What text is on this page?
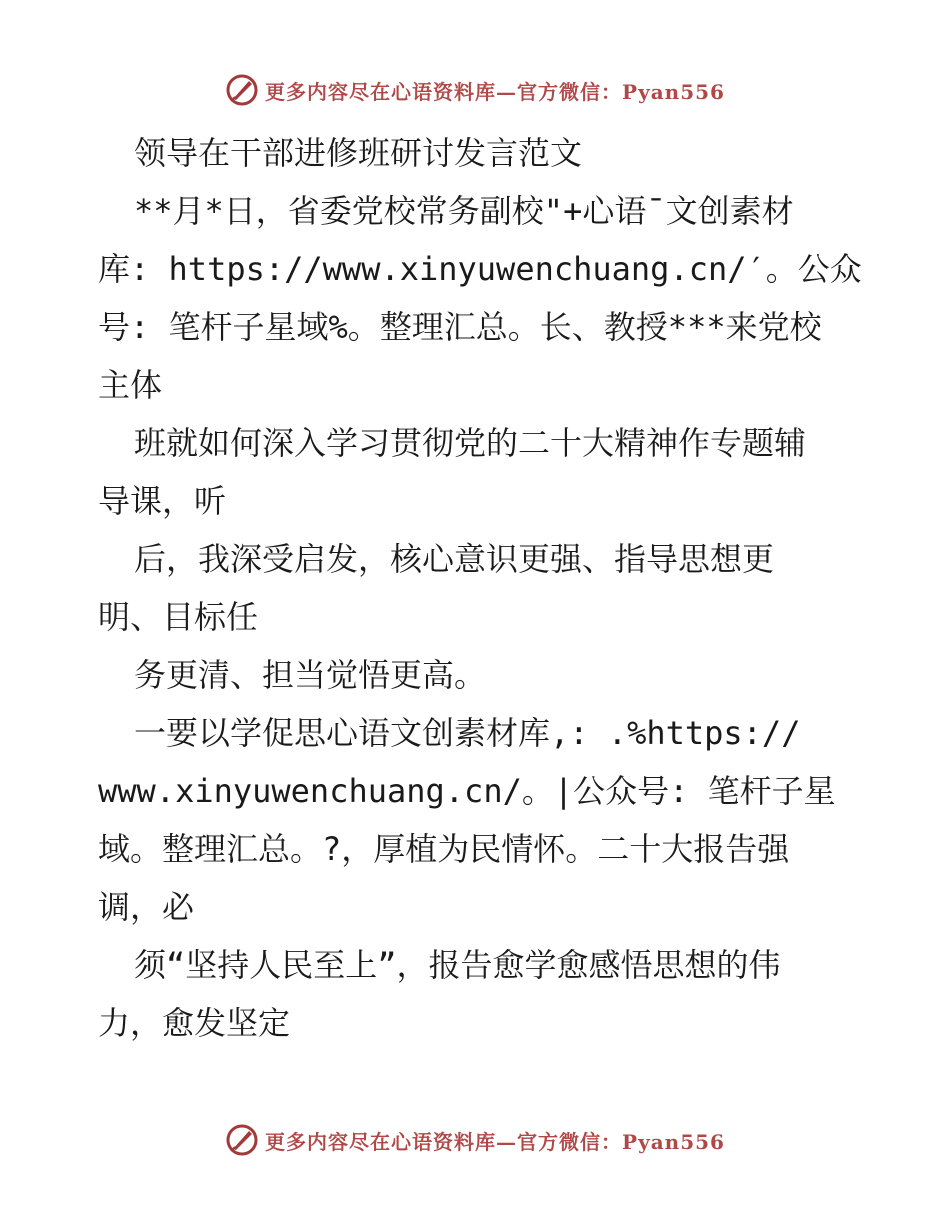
更多内容尽在心语资料库—官方微信：Pyan556
领导在干部进修班研讨发言范文
**月*日，省委党校常务副校"+心语¯文创素材
库: https://www.xinyuwenchuang.cn/′。公众
号: 笔杆子星域%。整理汇总。长、教授***来党校
主体
班就如何深入学习贯彻党的二十大精神作专题辅
导课，听
后，我深受启发，核心意识更强、指导思想更
明、目标任
务更清、担当觉悟更高。
一要以学促思心语文创素材库,: .%https://
www.xinyuwenchuang.cn/。|公众号: 笔杆子星
域。整理汇总。?，厚植为民情怀。二十大报告强
调，必
须“坚持人民至上”，报告愈学愈感悟思想的伟
力，愈发坚定
更多内容尽在心语资料库—官方微信：Pyan556
